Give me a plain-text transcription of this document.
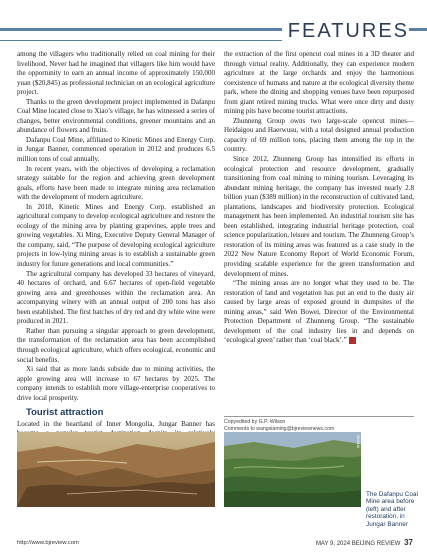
FEATURES

among the villagers who traditionally relied on coal mining for their livelihood. Never had he imagined that villagers like him would have the opportunity to earn an annual income of approximately 150,000 yuan ($20,845) as professional technician on an ecological agriculture project.

Thanks to the green development project implemented in Dafanpu Coal Mine located close to Xiao’s village, he has witnessed a series of changes, better environmental conditions, greener mountains and an abundance of flowers and fruits.

Dafanpu Coal Mine, affiliated to Kinetic Mines and Energy Corp. in Jungar Banner, commenced operation in 2012 and produces 6.5 million tons of coal annually.

In recent years, with the objectives of developing a reclamation strategy suitable for the region and achieving green development goals, efforts have been made to integrate mining area reclamation with the development of modern agriculture.

In 2018, Kinetic Mines and Energy Corp. established an agricultural company to develop ecological agriculture and restore the ecology of the mining area by planting grapevines, apple trees and growing vegetables. Xi Ming, Executive Deputy General Manager of the company, said, “The purpose of developing ecological agriculture projects in low-lying mining areas is to establish a sustainable green industry for future generations and local communities.”

The agricultural company has developed 33 hectares of vineyard, 40 hectares of orchard, and 6.67 hectares of open-field vegetable growing area and greenhouses within the reclamation area. An accompanying winery with an annual output of 200 tons has also been established. The first batches of dry red and dry white wine were produced in 2021.

Rather than pursuing a singular approach to green development, the transformation of the reclamation area has been accomplished through ecological agriculture, which offers ecological, economic and social benefits.

Xi said that as more lands subside due to mining activities, the apple growing area will increase to 67 hectares by 2025. The company intends to establish more village-enterprise cooperatives to drive local prosperity.

Tourist attraction

Located in the heartland of Inner Mongolia, Jungar Banner has

the extraction of the first opencut coal mines in a 3D theater and through virtual reality. Additionally, they can experience modern agriculture at the large orchards and enjoy the harmonious coexistence of humans and nature at the ecological diversity theme park, where the dining and shopping venues have been repurposed from giant retired mining trucks. What were once dirty and dusty mining pits have become tourist attractions.

Zhunneng Group owns two large-scale opencut mines—Heidaigou and Haerwusu, with a total designed annual production capacity of 69 million tons, placing them among the top in the country.

Since 2012, Zhunneng Group has intensified its efforts in ecological protection and resource development, gradually transitioning from coal mining to mining tourism. Leveraging its abundant mining heritage, the company has invested nearly 2.8 billion yuan ($389 million) in the reconstruction of cultivated land, plantations, landscapes and biodiversity protection. Ecological management has been implemented. An industrial tourism site has been established, integrating industrial heritage protection, coal science popularization, leisure and tourism. The Zhunneng Group’s restoration of its mining areas was featured as a case study in the 2022 New Nature Economy Report of World Economic Forum, providing scalable experience for the green transformation and development of mines.

“The mining areas are no longer what they used to be. The restoration of land and vegetation has put an end to the dusty air caused by large areas of exposed ground in dumpsites of the mining areas,” said Wen Bowei, Director of the Environmental Protection Department of Zhunneng Group. “The sustainable development of the coal industry lies in and depends on ‘ecological green’ rather than ‘coal black’.”

Copyedited by G.P. Wilson
Comments to wangxiaming@bjreviewnews.com
XINHUA
The Dafanpu Coal Mine area before (left) and after restoration, in Jungar Banner
http://www.bjreview.com	MAY 9, 2024 BEIJING REVIEW 37
